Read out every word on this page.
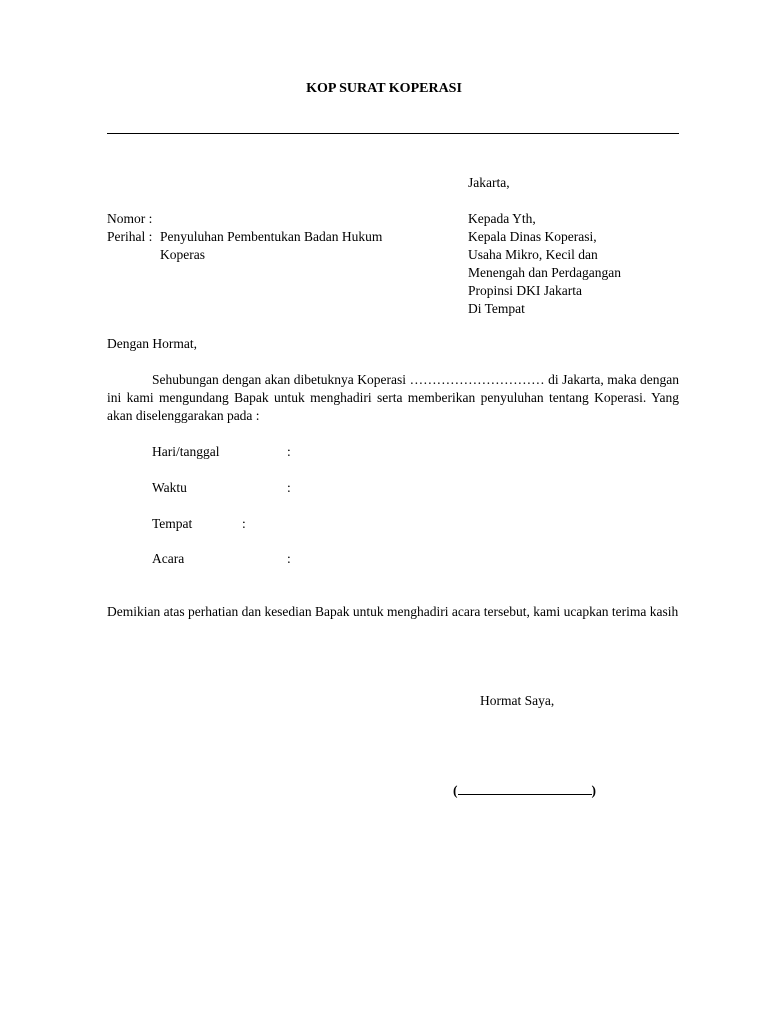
KOP SURAT KOPERASI
Jakarta,
Nomor :
Perihal : Penyuluhan Pembentukan Badan Hukum
Koperas
Kepada Yth,
Kepala Dinas Koperasi,
Usaha Mikro, Kecil dan
Menengah dan Perdagangan
Propinsi DKI Jakarta
Di Tempat
Dengan Hormat,
Sehubungan dengan akan dibetuknya Koperasi ………………………… di Jakarta, maka dengan ini kami mengundang Bapak untuk menghadiri serta memberikan penyuluhan tentang Koperasi. Yang akan diselenggarakan pada :
Hari/tanggal	:
Waktu	:
Tempat	:
Acara	:
Demikian atas perhatian dan kesedian Bapak untuk menghadiri acara tersebut, kami ucapkan terima kasih
Hormat Saya,
(	)
